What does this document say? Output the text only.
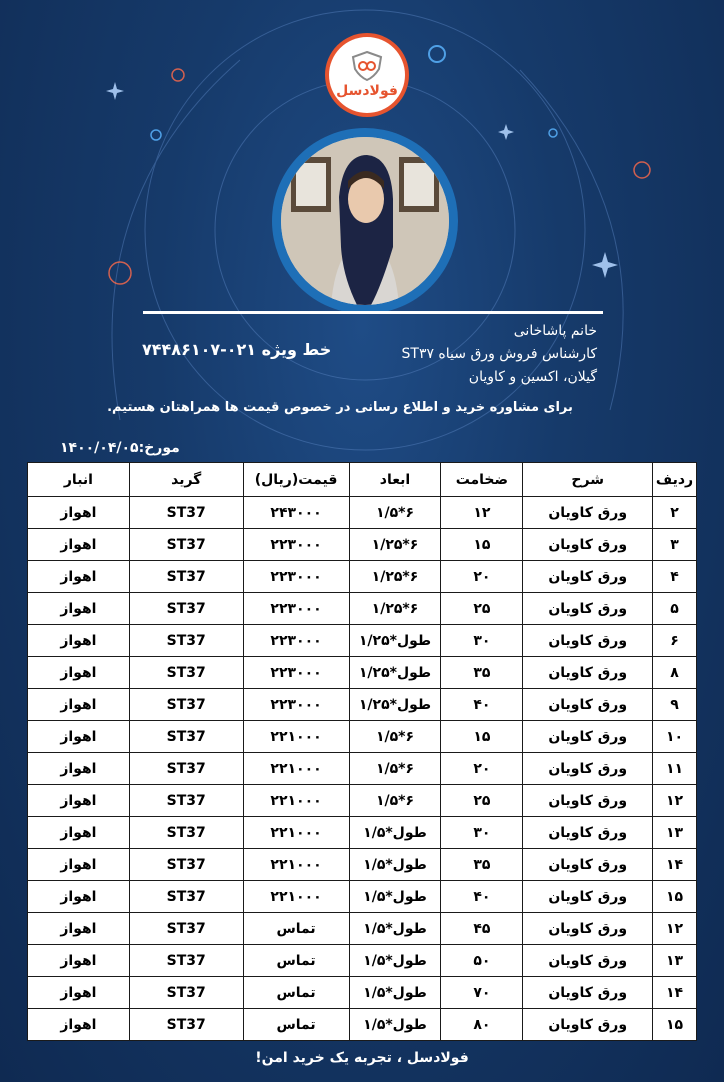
فولادسل
خانم پاشاخانی
کارشناس فروش ورق سیاه ST۳۷
گیلان، اکسین و کاویان
خط ویژه ۰۲۱-۷۴۴۸۶۱۰۷
برای مشاوره خرید و اطلاع رسانی در خصوص قیمت ها همراهتان هستیم.
مورخ:۱۴۰۰/۰۴/۰۵
ردیف	شرح	ضخامت	ابعاد	قیمت(ریال)	گرید	انبار
۲	ورق کاویان	۱۲	۶*۱/۵	۲۴۳۰۰۰	ST37	اهواز
۳	ورق کاویان	۱۵	۶*۱/۲۵	۲۲۳۰۰۰	ST37	اهواز
۴	ورق کاویان	۲۰	۶*۱/۲۵	۲۲۳۰۰۰	ST37	اهواز
۵	ورق کاویان	۲۵	۶*۱/۲۵	۲۲۳۰۰۰	ST37	اهواز
۶	ورق کاویان	۳۰	طول*۱/۲۵	۲۲۳۰۰۰	ST37	اهواز
۸	ورق کاویان	۳۵	طول*۱/۲۵	۲۲۳۰۰۰	ST37	اهواز
۹	ورق کاویان	۴۰	طول*۱/۲۵	۲۲۳۰۰۰	ST37	اهواز
۱۰	ورق کاویان	۱۵	۶*۱/۵	۲۲۱۰۰۰	ST37	اهواز
۱۱	ورق کاویان	۲۰	۶*۱/۵	۲۲۱۰۰۰	ST37	اهواز
۱۲	ورق کاویان	۲۵	۶*۱/۵	۲۲۱۰۰۰	ST37	اهواز
۱۳	ورق کاویان	۳۰	طول*۱/۵	۲۲۱۰۰۰	ST37	اهواز
۱۴	ورق کاویان	۳۵	طول*۱/۵	۲۲۱۰۰۰	ST37	اهواز
۱۵	ورق کاویان	۴۰	طول*۱/۵	۲۲۱۰۰۰	ST37	اهواز
۱۲	ورق کاویان	۴۵	طول*۱/۵	تماس	ST37	اهواز
۱۳	ورق کاویان	۵۰	طول*۱/۵	تماس	ST37	اهواز
۱۴	ورق کاویان	۷۰	طول*۱/۵	تماس	ST37	اهواز
۱۵	ورق کاویان	۸۰	طول*۱/۵	تماس	ST37	اهواز
فولادسل ، تجربه یک خرید امن!
